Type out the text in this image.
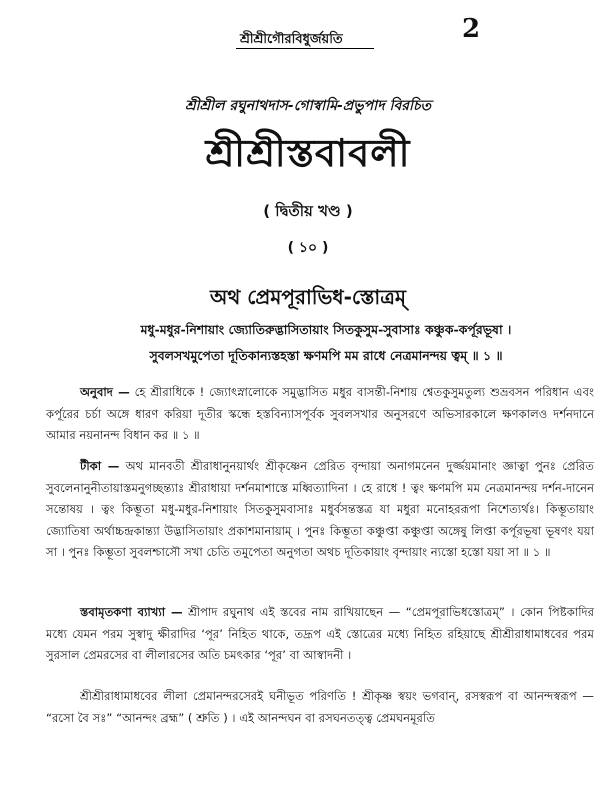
শ্রীশ্রীগৌরবিধুর্জয়তি	2
শ্রীশ্রীল রঘুনাথদাস-গোস্বামি-প্রভুপাদ বিরচিত
শ্রীশ্রীস্তবাবলী
( দ্বিতীয় খণ্ড )
( ১০ )
অথ প্রেমপূরাভিধ-স্তোত্রম্
মধু-মধুর-নিশায়াং জ্যোতিরুদ্ভাসিতায়াং সিতকুসুম-সুবাসাঃ কঞ্চুক-কর্পূরভূষা ।
সুবলসখমুপেতা দূতিকান্যস্তহস্তা ক্ষণমপি মম রাধে নেত্রমানন্দয় ত্বম্ ॥ ১ ॥
অনুবাদ — হে শ্রীরাধিকে ! জ্যোৎস্নালোকে সমুদ্ভাসিত মধুর বাসন্তী-নিশায় শ্বেতকুসুমতুল্য শুভ্রবসন পরিধান এবং কর্পূরের চর্চা অঙ্গে ধারণ করিয়া দূতীর স্কন্ধে হস্তবিন্যাসপূর্বক সুবলসখার অনুসরণে অভিসারকালে ক্ষণকালও দর্শনদানে আমার নয়নানন্দ বিধান কর ॥ ১ ॥
টীকা — অথ মানবতী শ্রীরাধানুনয়ার্থং শ্রীকৃষ্ণেন প্রেরিত বৃন্দায়া অনাগমনেন দুর্জ্জয়মানাং জ্ঞাত্বা পুনঃ প্রেরিত সুবলেনানুনীতায়াস্তমনুগচ্ছন্ত্যাঃ শ্রীরাধায়া দর্শনমাশাস্তে মধ্বিত্যাদিনা । হে রাধে ! ত্বং ক্ষণমপি মম নেত্রমানন্দয় দর্শন-দানেন সন্তোষয় । ত্বং কিম্ভূতা মধু-মধুর-নিশায়াং সিতকুসুমবাসাঃ মধুর্বসন্তস্তত্র যা মধুরা মনোহররূপা নিশেত্যর্থঃ। কিম্ভূতায়াং জ্যোতিষা অর্থাচ্চন্দ্রকান্ত্যা উদ্ভাসিতায়াং প্রকাশমানায়াম্ । পুনঃ কিম্ভূতা কঞ্চুপ্তা কঞ্চুপ্তা অঙ্গেষু লিপ্তা কর্পূরভূষা ভূষণং যয়া সা । পুনঃ কিম্ভূতা সুবলশ্চাসৌ সখা চেতি তমুপেতা অনুগতা অথচ দূতিকায়াং বৃন্দায়াং ন্যস্তো হস্তো যয়া সা ॥ ১ ॥
স্তবামৃতকণা ব্যাখ্যা — শ্রীপাদ রঘুনাথ এই স্তবের নাম রাখিয়াছেন — “প্রেমপূরাভিধস্তোত্রম্” । কোন পিষ্টকাদির মধ্যে যেমন পরম সুস্বাদু ক্ষীরাদির ‘পূর’ নিহিত থাকে, তদ্রূপ এই স্তোত্রের মধ্যে নিহিত রহিয়াছে শ্রীশ্রীরাধামাধবের পরম সুরসাল প্রেমরসের বা লীলারসের অতি চমৎকার ‘পূর’ বা আস্বাদনী ।
শ্রীশ্রীরাধামাধবের লীলা প্রেমানন্দরসেরই ঘনীভূত পরিণতি ! শ্রীকৃষ্ণ স্বয়ং ভগবান্, রসস্বরূপ বা আনন্দস্বরূপ — “রসো বৈ সঃ” “আনন্দং ব্রহ্ম” ( শ্রুতি ) । এই আনন্দঘন বা রসঘনতত্ত্ব প্রেমঘনমূরতি
